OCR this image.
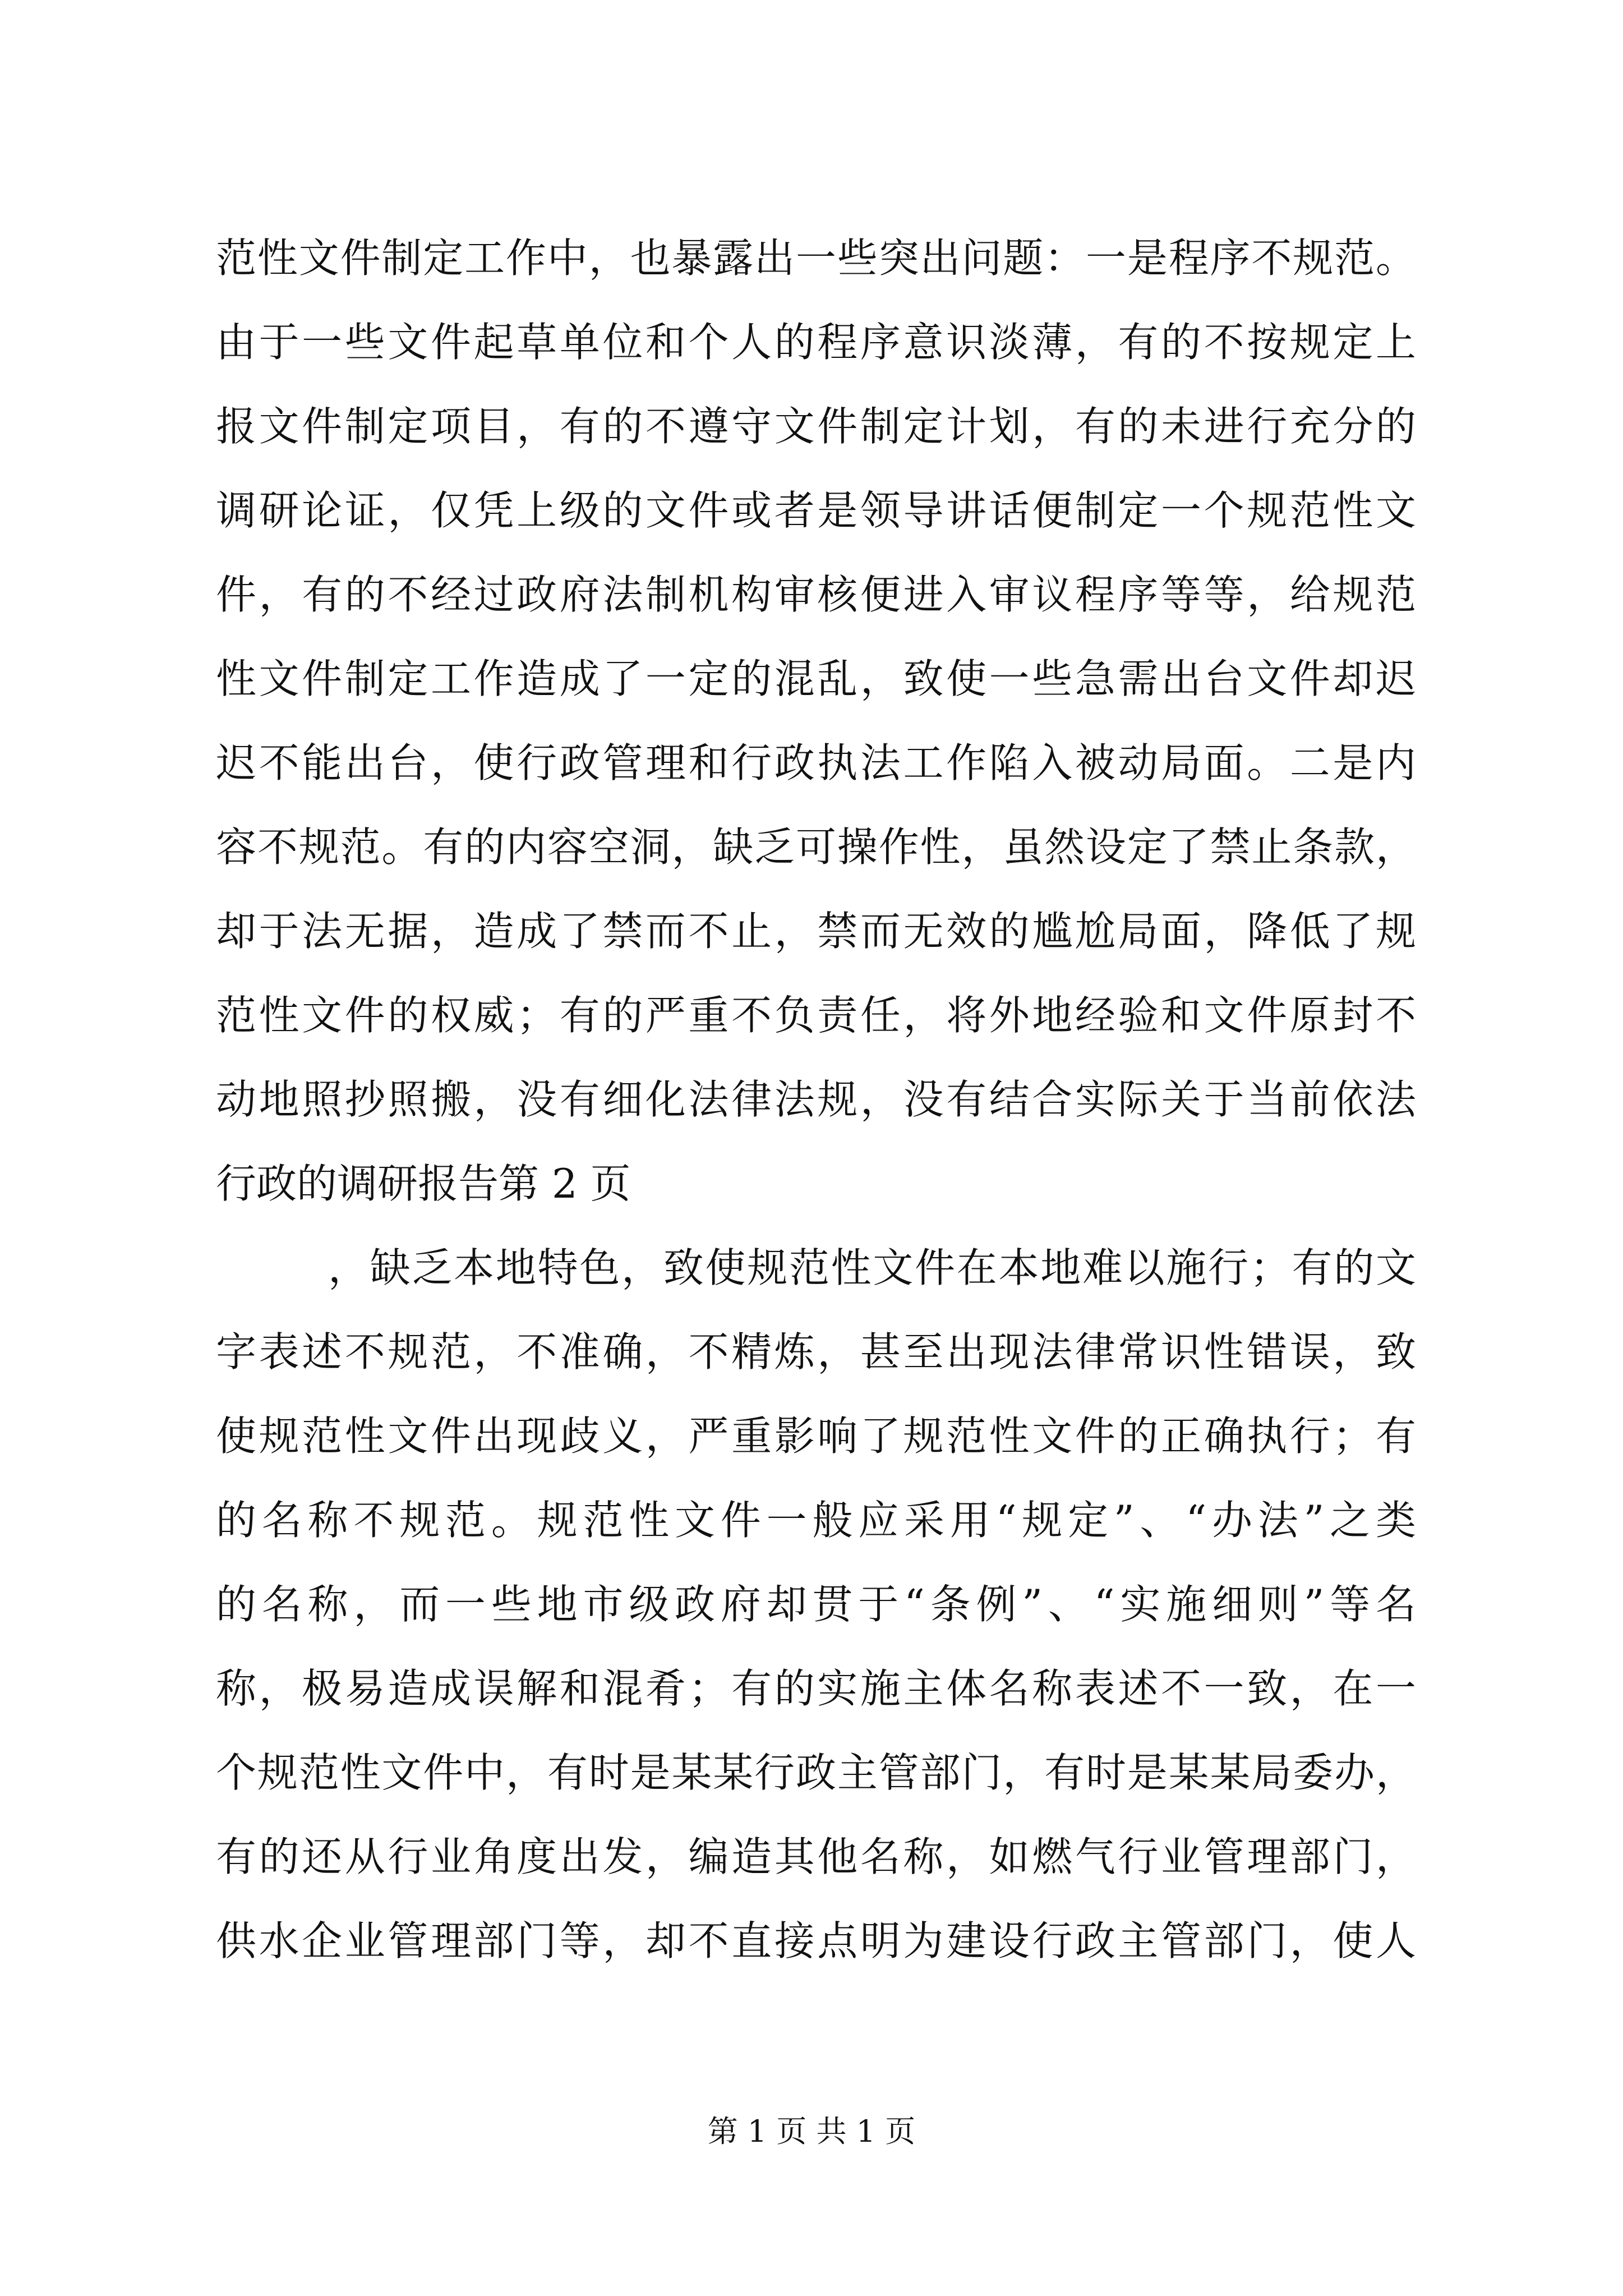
范性文件制定工作中，也暴露出一些突出问题：一是程序不规范。
由于一些文件起草单位和个人的程序意识淡薄，有的不按规定上
报文件制定项目，有的不遵守文件制定计划，有的未进行充分的
调研论证，仅凭上级的文件或者是领导讲话便制定一个规范性文
件，有的不经过政府法制机构审核便进入审议程序等等，给规范
性文件制定工作造成了一定的混乱，致使一些急需出台文件却迟
迟不能出台，使行政管理和行政执法工作陷入被动局面。二是内
容不规范。有的内容空洞，缺乏可操作性，虽然设定了禁止条款，
却于法无据，造成了禁而不止，禁而无效的尴尬局面，降低了规
范性文件的权威；有的严重不负责任，将外地经验和文件原封不
动地照抄照搬，没有细化法律法规，没有结合实际关于当前依法
行政的调研报告第 2 页
，缺乏本地特色，致使规范性文件在本地难以施行；有的文
字表述不规范，不准确，不精炼，甚至出现法律常识性错误，致
使规范性文件出现歧义，严重影响了规范性文件的正确执行；有
的名称不规范。规范性文件一般应采用“规定”、“办法”之类
的名称，而一些地市级政府却贯于“条例”、“实施细则”等名
称，极易造成误解和混肴；有的实施主体名称表述不一致，在一
个规范性文件中，有时是某某行政主管部门，有时是某某局委办，
有的还从行业角度出发，编造其他名称，如燃气行业管理部门，
供水企业管理部门等，却不直接点明为建设行政主管部门，使人
第 1 页 共 1 页
